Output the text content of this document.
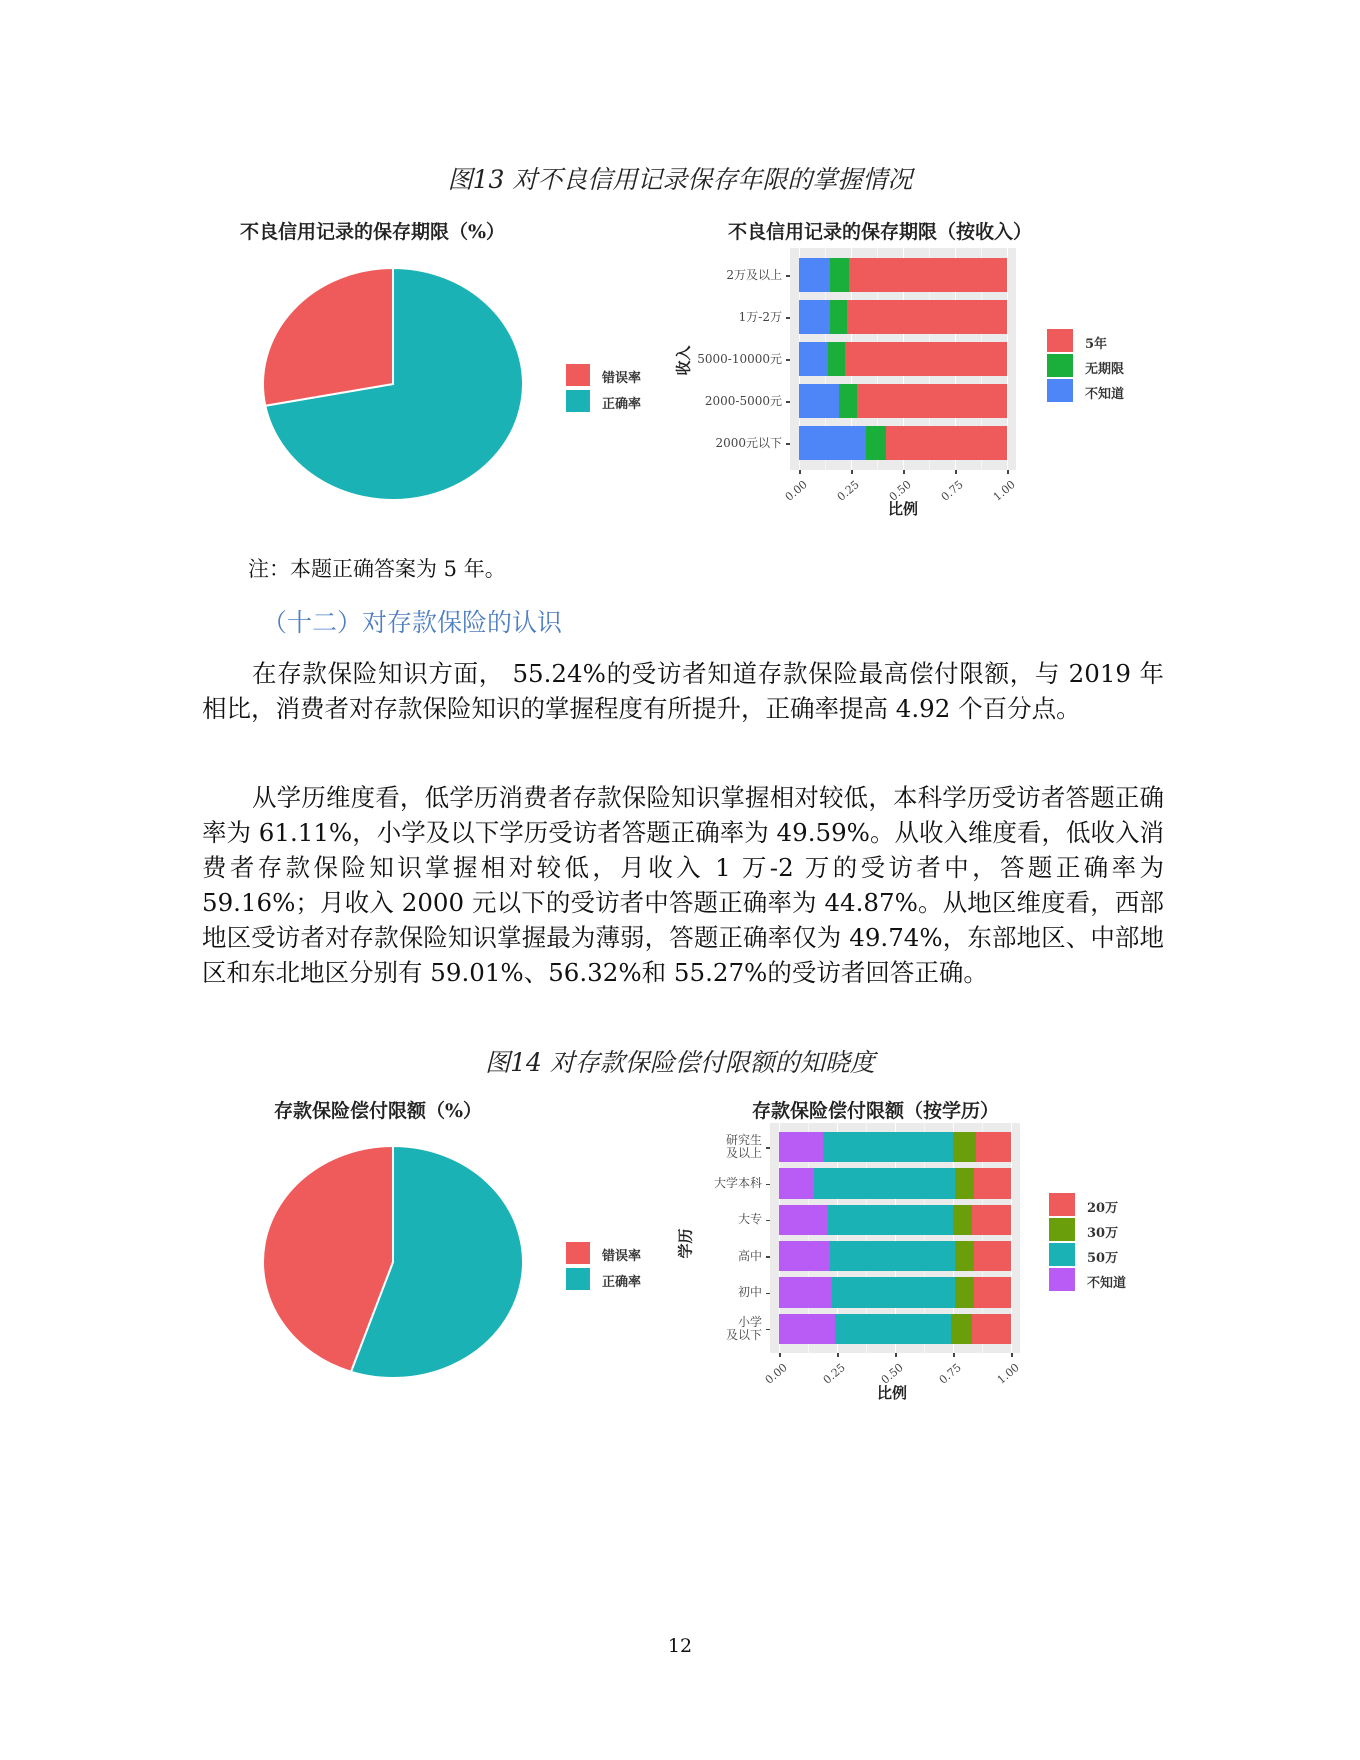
图13 对不良信用记录保存年限的掌握情况
不良信用记录的保存期限（%）
错误率
正确率
不良信用记录的保存期限（按收入）
2万及以上
1万-2万
5000-10000元
2000-5000元
2000元以下
0.00 0.25 0.50 0.75 1.00
收入
比例
5年
无期限
不知道
注：本题正确答案为 5 年。
（十二）对存款保险的认识

在存款保险知识方面， 55.24%的受访者知道存款保险最高偿付限额，与 2019 年相比，消费者对存款保险知识的掌握程度有所提升，正确率提高 4.92 个百分点。

从学历维度看，低学历消费者存款保险知识掌握相对较低，本科学历受访者答题正确率为 61.11%，小学及以下学历受访者答题正确率为 49.59%。从收入维度看，低收入消费者存款保险知识掌握相对较低，月收入 1 万-2 万的受访者中，答题正确率为 59.16%；月收入 2000 元以下的受访者中答题正确率为 44.87%。从地区维度看，西部地区受访者对存款保险知识掌握最为薄弱，答题正确率仅为 49.74%，东部地区、中部地区和东北地区分别有 59.01%、56.32%和 55.27%的受访者回答正确。

图14 对存款保险偿付限额的知晓度
存款保险偿付限额（%）
错误率
正确率
存款保险偿付限额（按学历）
研究生
及以上
大学本科
大专
高中
初中
小学
及以下
0.00	0.25	0.50	0.75	1.00
学历
比例
20万
30万
50万
不知道
12
